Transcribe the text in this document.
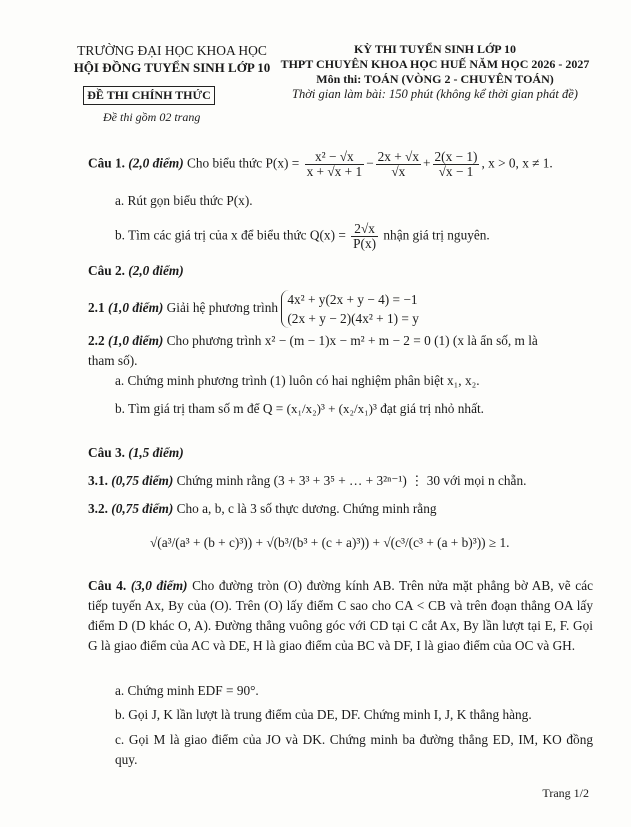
TRƯỜNG ĐẠI HỌC KHOA HỌC
HỘI ĐỒNG TUYỂN SINH LỚP 10
ĐỀ THI CHÍNH THỨC
Đề thi gồm 02 trang
KỲ THI TUYỂN SINH LỚP 10
THPT CHUYÊN KHOA HỌC HUẾ NĂM HỌC 2026 - 2027
Môn thi: TOÁN (VÒNG 2 - CHUYÊN TOÁN)
Thời gian làm bài: 150 phút (không kể thời gian phát đề)
Câu 1. (2,0 điểm) Cho biểu thức $P(x) = \frac{\text{x² − √x}}{x + √x + 1} - \frac{2x + √x}{√x} + \frac{2(x - 1)}{√x - 1}$ , x > 0, x ≠ 1.
a. Rút gọn biểu thức P(x).
b. Tìm các giá trị của x để biểu thức $Q(x) = \frac{2√x}{P(x)}$ nhận giá trị nguyên.
Câu 2. (2,0 điểm)
2.1 (1,0 điểm) Giải hệ phương trình
4x² + y(2x + y − 4) = −1
(2x + y − 2)(4x² + 1) = y
2.2 (1,0 điểm) Cho phương trình x² − (m − 1)x − m² + m − 2 = 0 (1) (x là ẩn số, m là
tham số).
a. Chứng minh phương trình (1) luôn có hai nghiệm phân biệt x₁, x₂.
b. Tìm giá trị tham số m để Q = (x₁/x₂)³ + (x₂/x₁)³ đạt giá trị nhỏ nhất.
Câu 3. (1,5 điểm)
3.1. (0,75 điểm) Chứng minh rằng (3 + 3³ + 3⁵ + … + 3²ⁿ⁻¹) ⋮ 30 với mọi n chẵn.
3.2. (0,75 điểm) Cho a, b, c là 3 số thực dương. Chứng minh rằng
√(a³/(a³ + (b + c)³)) + √(b³/(b³ + (c + a)³)) + √(c³/(c³ + (a + b)³)) ≥ 1.
Câu 4. (3,0 điểm) Cho đường tròn (O) đường kính AB. Trên nửa mặt phẳng bờ AB, vẽ các tiếp tuyến Ax, By của (O). Trên (O) lấy điểm C sao cho CA < CB và trên đoạn thẳng OA lấy điểm D (D khác O, A). Đường thẳng vuông góc với CD tại C cắt Ax, By lần lượt tại E, F. Gọi G là giao điểm của AC và DE, H là giao điểm của BC và DF, I là giao điểm của OC và GH.
a. Chứng minh EDF = 90°.
b. Gọi J, K lần lượt là trung điểm của DE, DF. Chứng minh I, J, K thẳng hàng.
c. Gọi M là giao điểm của JO và DK. Chứng minh ba đường thẳng ED, IM, KO đồng quy.
Trang 1/2
